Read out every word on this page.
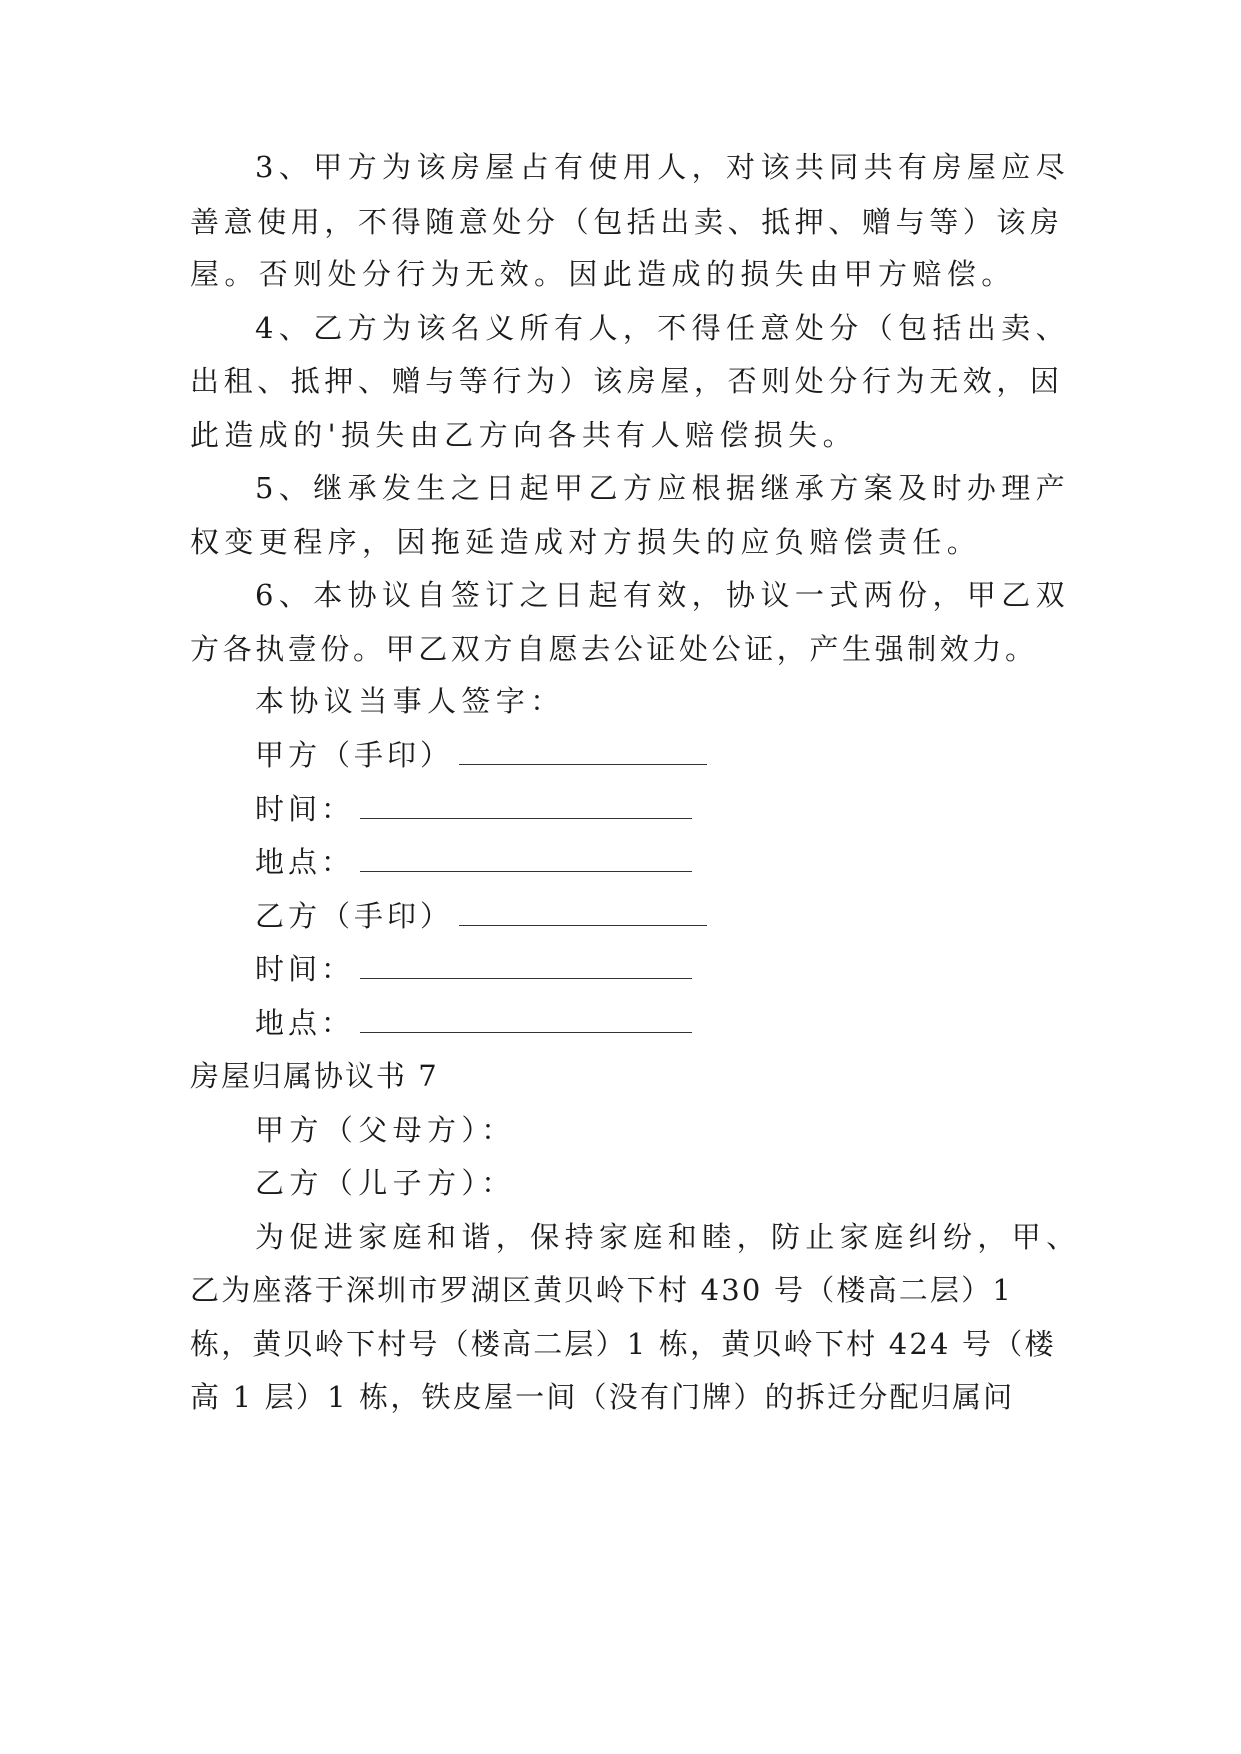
3、甲方为该房屋占有使用人，对该共同共有房屋应尽
善意使用，不得随意处分（包括出卖、抵押、赠与等）该房
屋。否则处分行为无效。因此造成的损失由甲方赔偿。
4、乙方为该名义所有人，不得任意处分（包括出卖、
出租、抵押、赠与等行为）该房屋，否则处分行为无效，因
此造成的'损失由乙方向各共有人赔偿损失。
5、继承发生之日起甲乙方应根据继承方案及时办理产
权变更程序，因拖延造成对方损失的应负赔偿责任。
6、本协议自签订之日起有效，协议一式两份，甲乙双
方各执壹份。甲乙双方自愿去公证处公证，产生强制效力。
本协议当事人签字：
甲方（手印）
时间：
地点：
乙方（手印）
时间：
地点：
房屋归属协议书 7
甲方（父母方）：
乙方（儿子方）：
为促进家庭和谐，保持家庭和睦，防止家庭纠纷，甲、
乙为座落于深圳市罗湖区黄贝岭下村 430 号（楼高二层）1
栋，黄贝岭下村号（楼高二层）1 栋，黄贝岭下村 424 号（楼
高 1 层）1 栋，铁皮屋一间（没有门牌）的拆迁分配归属问
